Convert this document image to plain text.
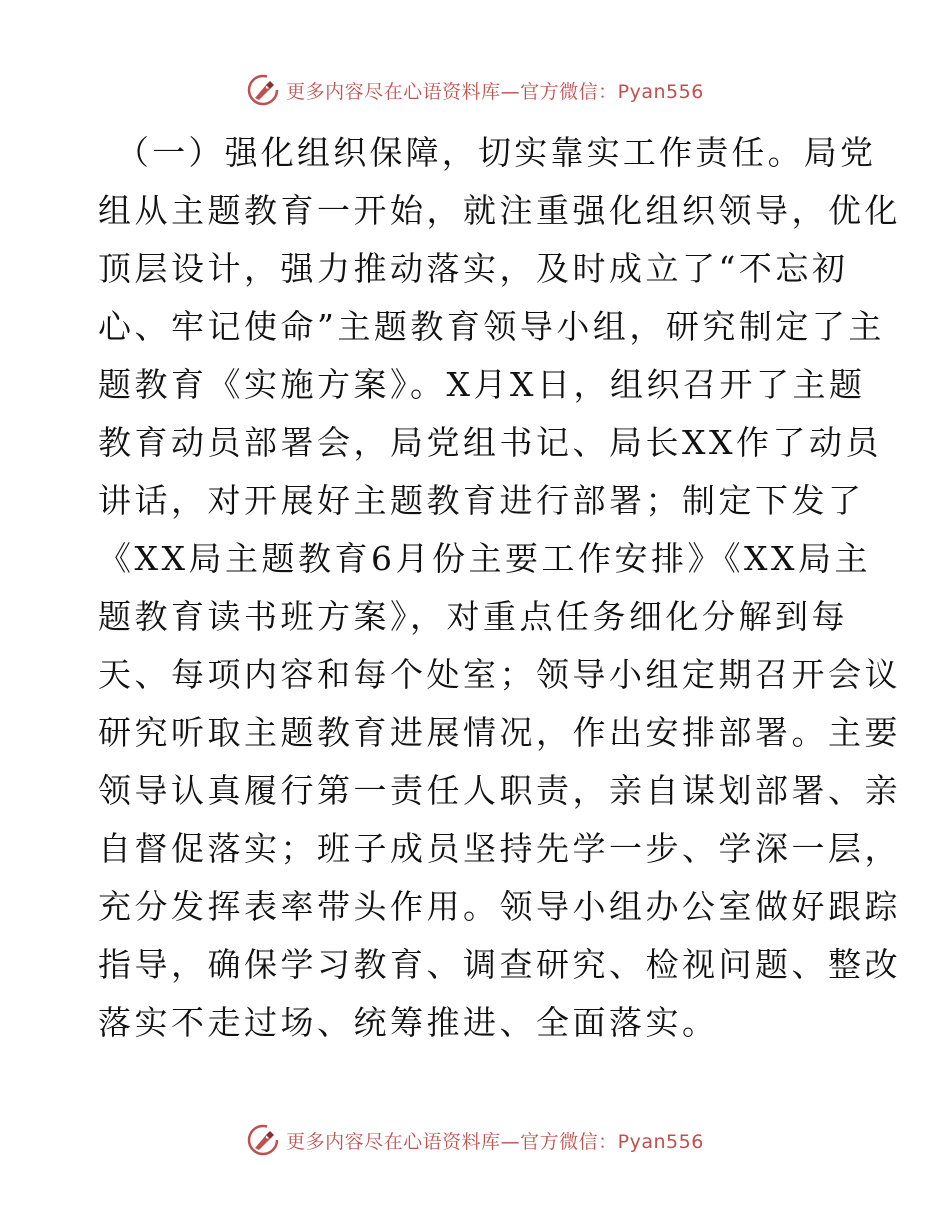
更多内容尽在心语资料库—官方微信：Pyan556
（一）强化组织保障，切实靠实工作责任。局党
组从主题教育一开始，就注重强化组织领导，优化
顶层设计，强力推动落实，及时成立了“不忘初
心、牢记使命”主题教育领导小组，研究制定了主
题教育《实施方案》。X月X日，组织召开了主题
教育动员部署会，局党组书记、局长XX作了动员
讲话，对开展好主题教育进行部署；制定下发了
《XX局主题教育6月份主要工作安排》《XX局主
题教育读书班方案》，对重点任务细化分解到每
天、每项内容和每个处室；领导小组定期召开会议
研究听取主题教育进展情况，作出安排部署。主要
领导认真履行第一责任人职责，亲自谋划部署、亲
自督促落实；班子成员坚持先学一步、学深一层，
充分发挥表率带头作用。领导小组办公室做好跟踪
指导，确保学习教育、调查研究、检视问题、整改
落实不走过场、统筹推进、全面落实。
更多内容尽在心语资料库—官方微信：Pyan556
